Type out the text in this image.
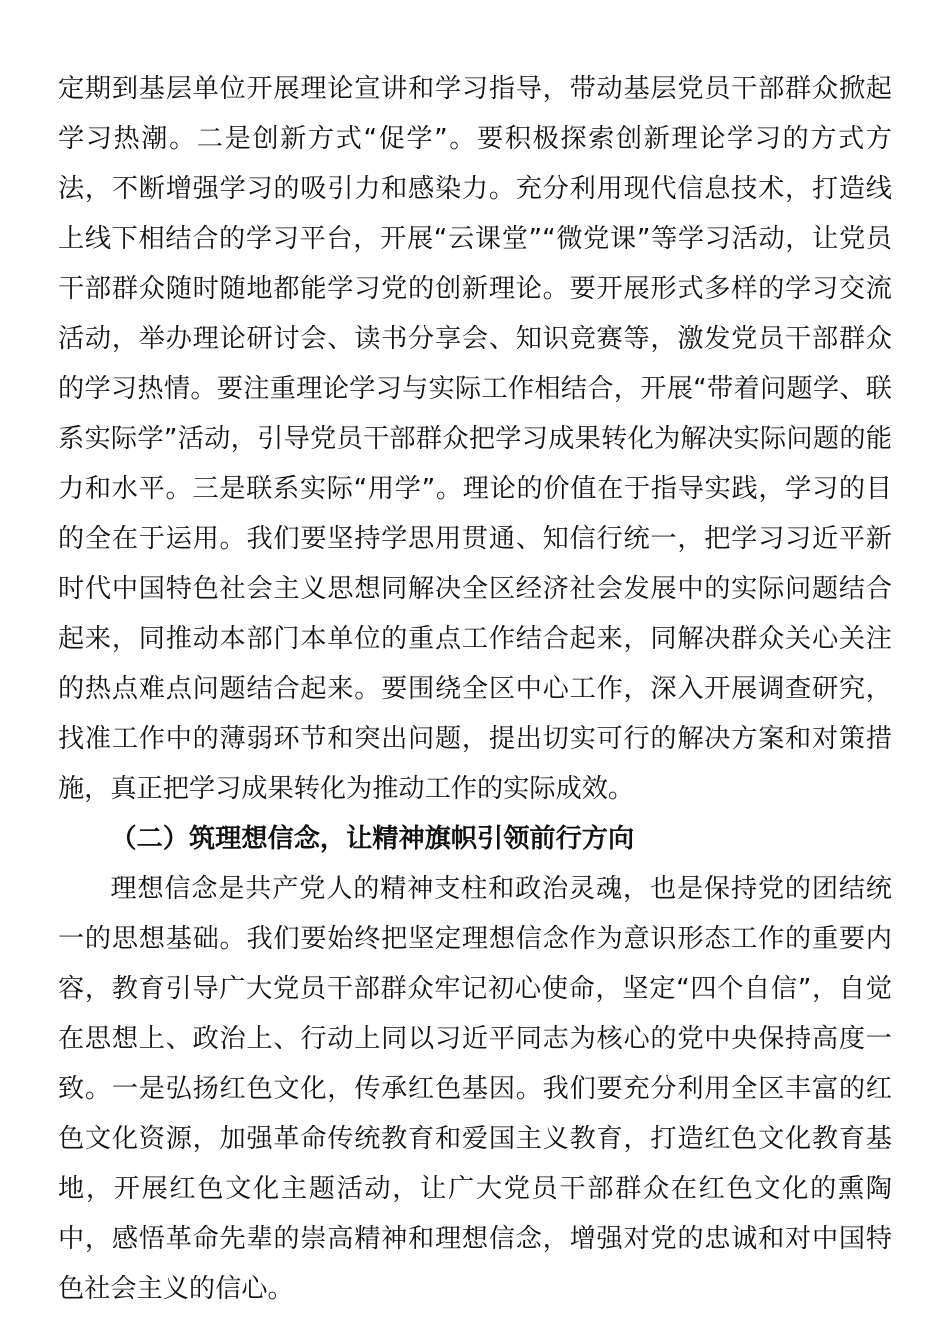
定期到基层单位开展理论宣讲和学习指导，带动基层党员干部群众掀起学习热潮。二是创新方式“促学”。要积极探索创新理论学习的方式方法，不断增强学习的吸引力和感染力。充分利用现代信息技术，打造线上线下相结合的学习平台，开展“云课堂”“微党课”等学习活动，让党员干部群众随时随地都能学习党的创新理论。要开展形式多样的学习交流活动，举办理论研讨会、读书分享会、知识竞赛等，激发党员干部群众的学习热情。要注重理论学习与实际工作相结合，开展“带着问题学、联系实际学”活动，引导党员干部群众把学习成果转化为解决实际问题的能力和水平。三是联系实际“用学”。理论的价值在于指导实践，学习的目的全在于运用。我们要坚持学思用贯通、知信行统一，把学习习近平新时代中国特色社会主义思想同解决全区经济社会发展中的实际问题结合起来，同推动本部门本单位的重点工作结合起来，同解决群众关心关注的热点难点问题结合起来。要围绕全区中心工作，深入开展调查研究，找准工作中的薄弱环节和突出问题，提出切实可行的解决方案和对策措施，真正把学习成果转化为推动工作的实际成效。

（二）筑理想信念，让精神旗帜引领前行方向

理想信念是共产党人的精神支柱和政治灵魂，也是保持党的团结统一的思想基础。我们要始终把坚定理想信念作为意识形态工作的重要内容，教育引导广大党员干部群众牢记初心使命，坚定“四个自信”，自觉在思想上、政治上、行动上同以习近平同志为核心的党中央保持高度一致。一是弘扬红色文化，传承红色基因。我们要充分利用全区丰富的红色文化资源，加强革命传统教育和爱国主义教育，打造红色文化教育基地，开展红色文化主题活动，让广大党员干部群众在红色文化的熏陶中，感悟革命先辈的崇高精神和理想信念，增强对党的忠诚和对中国特色社会主义的信心。
